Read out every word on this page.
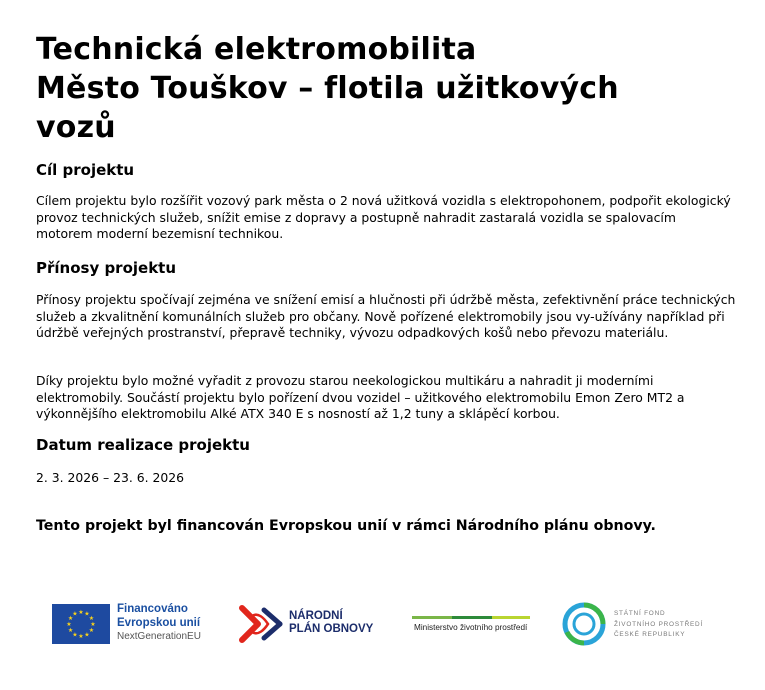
Technická elektromobilita
Město Touškov – flotila užitkových
vozů
Cíl projektu

Cílem projektu bylo rozšířit vozový park města o 2 nová užitková vozidla s elektropohonem, podpořit ekologický provoz technických služeb, snížit emise z dopravy a postupně nahradit zastaralá vozidla se spalovacím motorem moderní bezemisní technikou.

Přínosy projektu

Přínosy projektu spočívají zejména ve snížení emisí a hlučnosti při údržbě města, zefektivnění práce technických služeb a zkvalitnění komunálních služeb pro občany. Nově pořízené elektromobily jsou vy-užívány například při údržbě veřejných prostranství, přepravě techniky, vývozu odpadkových košů nebo převozu materiálu.

Díky projektu bylo možné vyřadit z provozu starou neekologickou multikáru a nahradit ji moderními elektromobily. Součástí projektu bylo pořízení dvou vozidel – užitkového elektromobilu Emon Zero MT2 a výkonnějšího elektromobilu Alké ATX 340 E s nosností až 1,2 tuny a sklápěcí korbou.

Datum realizace projektu

2. 3. 2026 – 23. 6. 2026

Tento projekt byl financován Evropskou unií v rámci Národního plánu obnovy.
★ ★
★
★
★
★
★
★
★
★
★
★	Financováno
Evropskou unií
NextGenerationEU
NÁRODNÍ
PLÁN OBNOVY	Ministerstvo životního prostředí
STÁTNÍ FOND
ŽIVOTNÍHO PROSTŘEDÍ
ČESKÉ REPUBLIKY
